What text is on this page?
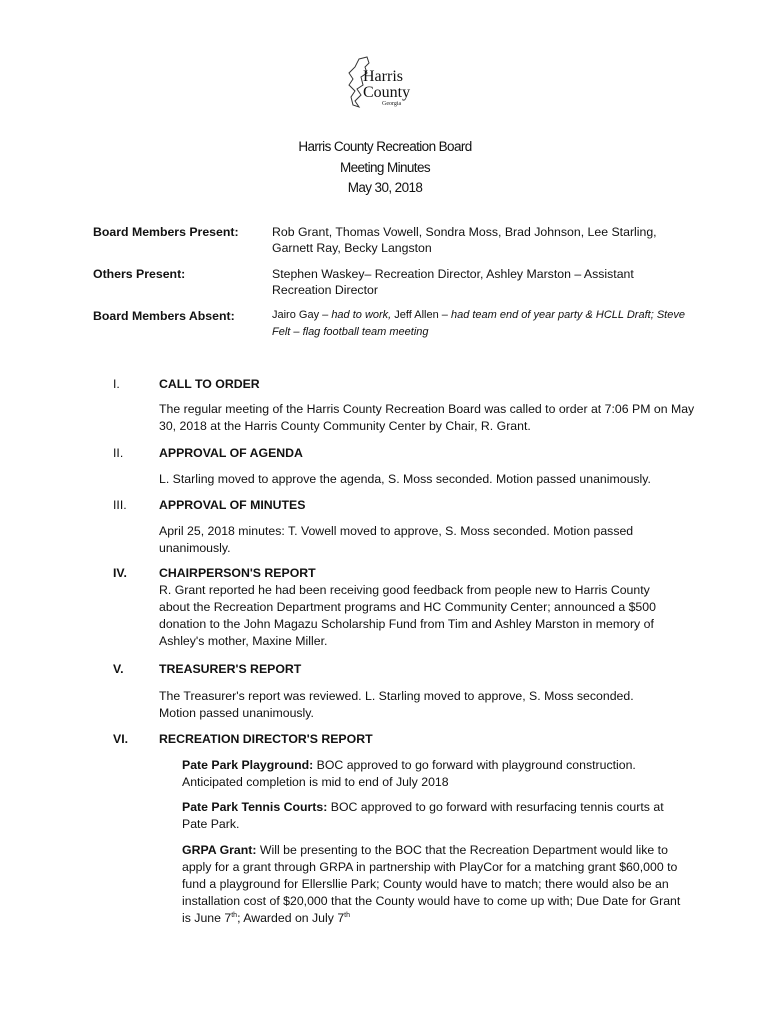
Harris
County
Georgia
Harris County Recreation Board
Meeting Minutes
May 30, 2018
Board Members Present:	Rob Grant, Thomas Vowell, Sondra Moss, Brad Johnson, Lee Starling, Garnett Ray, Becky Langston
Others Present:	Stephen Waskey– Recreation Director, Ashley Marston – Assistant Recreation Director
Board Members Absent:	Jairo Gay – had to work, Jeff Allen – had team end of year party & HCLL Draft; Steve Felt – flag football team meeting
I.	CALL TO ORDER
The regular meeting of the Harris County Recreation Board was called to order at 7:06 PM on May 30, 2018 at the Harris County Community Center by Chair, R. Grant.
II.	APPROVAL OF AGENDA
L. Starling moved to approve the agenda, S. Moss seconded. Motion passed unanimously.
III.	APPROVAL OF MINUTES
April 25, 2018 minutes: T. Vowell moved to approve, S. Moss seconded. Motion passed unanimously.
IV.	CHAIRPERSON'S REPORT
R. Grant reported he had been receiving good feedback from people new to Harris County about the Recreation Department programs and HC Community Center; announced a $500 donation to the John Magazu Scholarship Fund from Tim and Ashley Marston in memory of Ashley's mother, Maxine Miller.
V.	TREASURER'S REPORT
The Treasurer's report was reviewed. L. Starling moved to approve, S. Moss seconded. Motion passed unanimously.
VI.	RECREATION DIRECTOR'S REPORT
Pate Park Playground: BOC approved to go forward with playground construction. Anticipated completion is mid to end of July 2018
Pate Park Tennis Courts: BOC approved to go forward with resurfacing tennis courts at Pate Park.
GRPA Grant: Will be presenting to the BOC that the Recreation Department would like to apply for a grant through GRPA in partnership with PlayCor for a matching grant $60,000 to fund a playground for Ellersllie Park; County would have to match; there would also be an installation cost of $20,000 that the County would have to come up with; Due Date for Grant is June 7th; Awarded on July 7th
